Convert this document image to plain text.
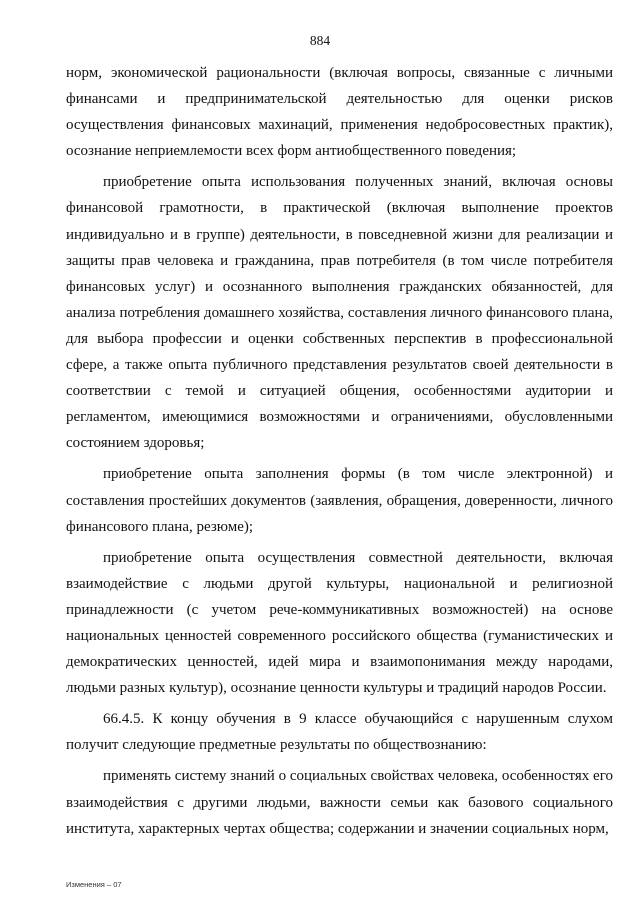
884

норм, экономической рациональности (включая вопросы, связанные с личными финансами и предпринимательской деятельностью для оценки рисков осуществления финансовых махинаций, применения недобросовестных практик), осознание неприемлемости всех форм антиобщественного поведения;

приобретение опыта использования полученных знаний, включая основы финансовой грамотности, в практической (включая выполнение проектов индивидуально и в группе) деятельности, в повседневной жизни для реализации и защиты прав человека и гражданина, прав потребителя (в том числе потребителя финансовых услуг) и осознанного выполнения гражданских обязанностей, для анализа потребления домашнего хозяйства, составления личного финансового плана, для выбора профессии и оценки собственных перспектив в профессиональной сфере, а также опыта публичного представления результатов своей деятельности в соответствии с темой и ситуацией общения, особенностями аудитории и регламентом, имеющимися возможностями и ограничениями, обусловленными состоянием здоровья;

приобретение опыта заполнения формы (в том числе электронной) и составления простейших документов (заявления, обращения, доверенности, личного финансового плана, резюме);

приобретение опыта осуществления совместной деятельности, включая взаимодействие с людьми другой культуры, национальной и религиозной принадлежности (с учетом рече-коммуникативных возможностей) на основе национальных ценностей современного российского общества (гуманистических и демократических ценностей, идей мира и взаимопонимания между народами, людьми разных культур), осознание ценности культуры и традиций народов России.

66.4.5. К концу обучения в 9 классе обучающийся с нарушенным слухом получит следующие предметные результаты по обществознанию:

применять систему знаний о социальных свойствах человека, особенностях его взаимодействия с другими людьми, важности семьи как базового социального института, характерных чертах общества; содержании и значении социальных норм,

Изменения – 07
